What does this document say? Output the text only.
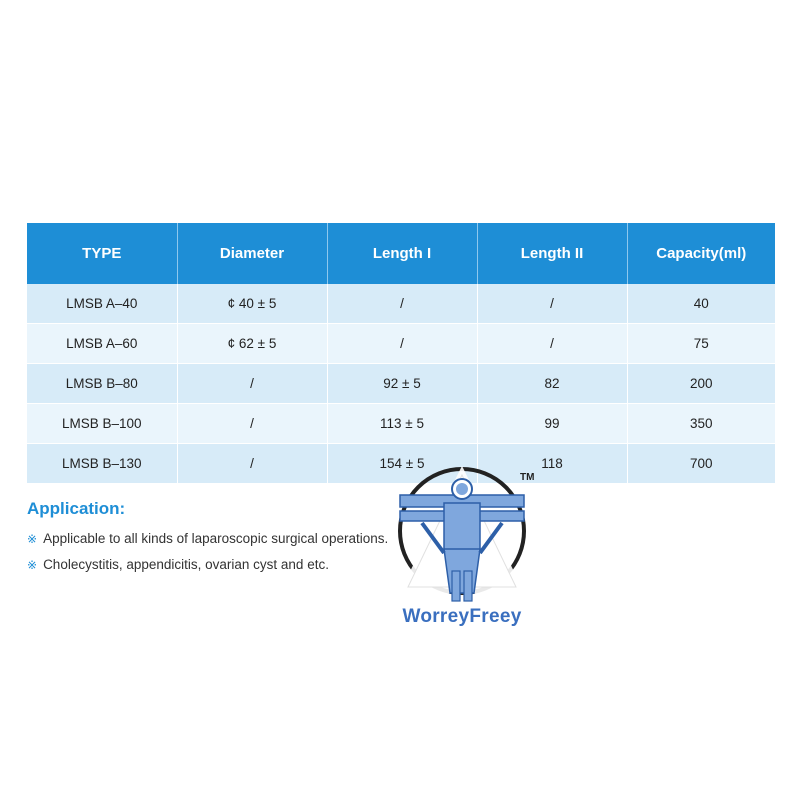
TYPE	Diameter	Length I	Length II	Capacity(ml)
LMSB A–40	¢ 40 ± 5	/	/	40
LMSB A–60	¢ 62 ± 5	/	/	75
LMSB B–80	/	92 ± 5	82	200
LMSB B–100	/	113 ± 5	99	350
LMSB B–130	/	154 ± 5	118	700
Application:
※ Applicable to all kinds of laparoscopic surgical operations.
※ Cholecystitis, appendicitis, ovarian cyst and etc.
TM
WorreyFreey
